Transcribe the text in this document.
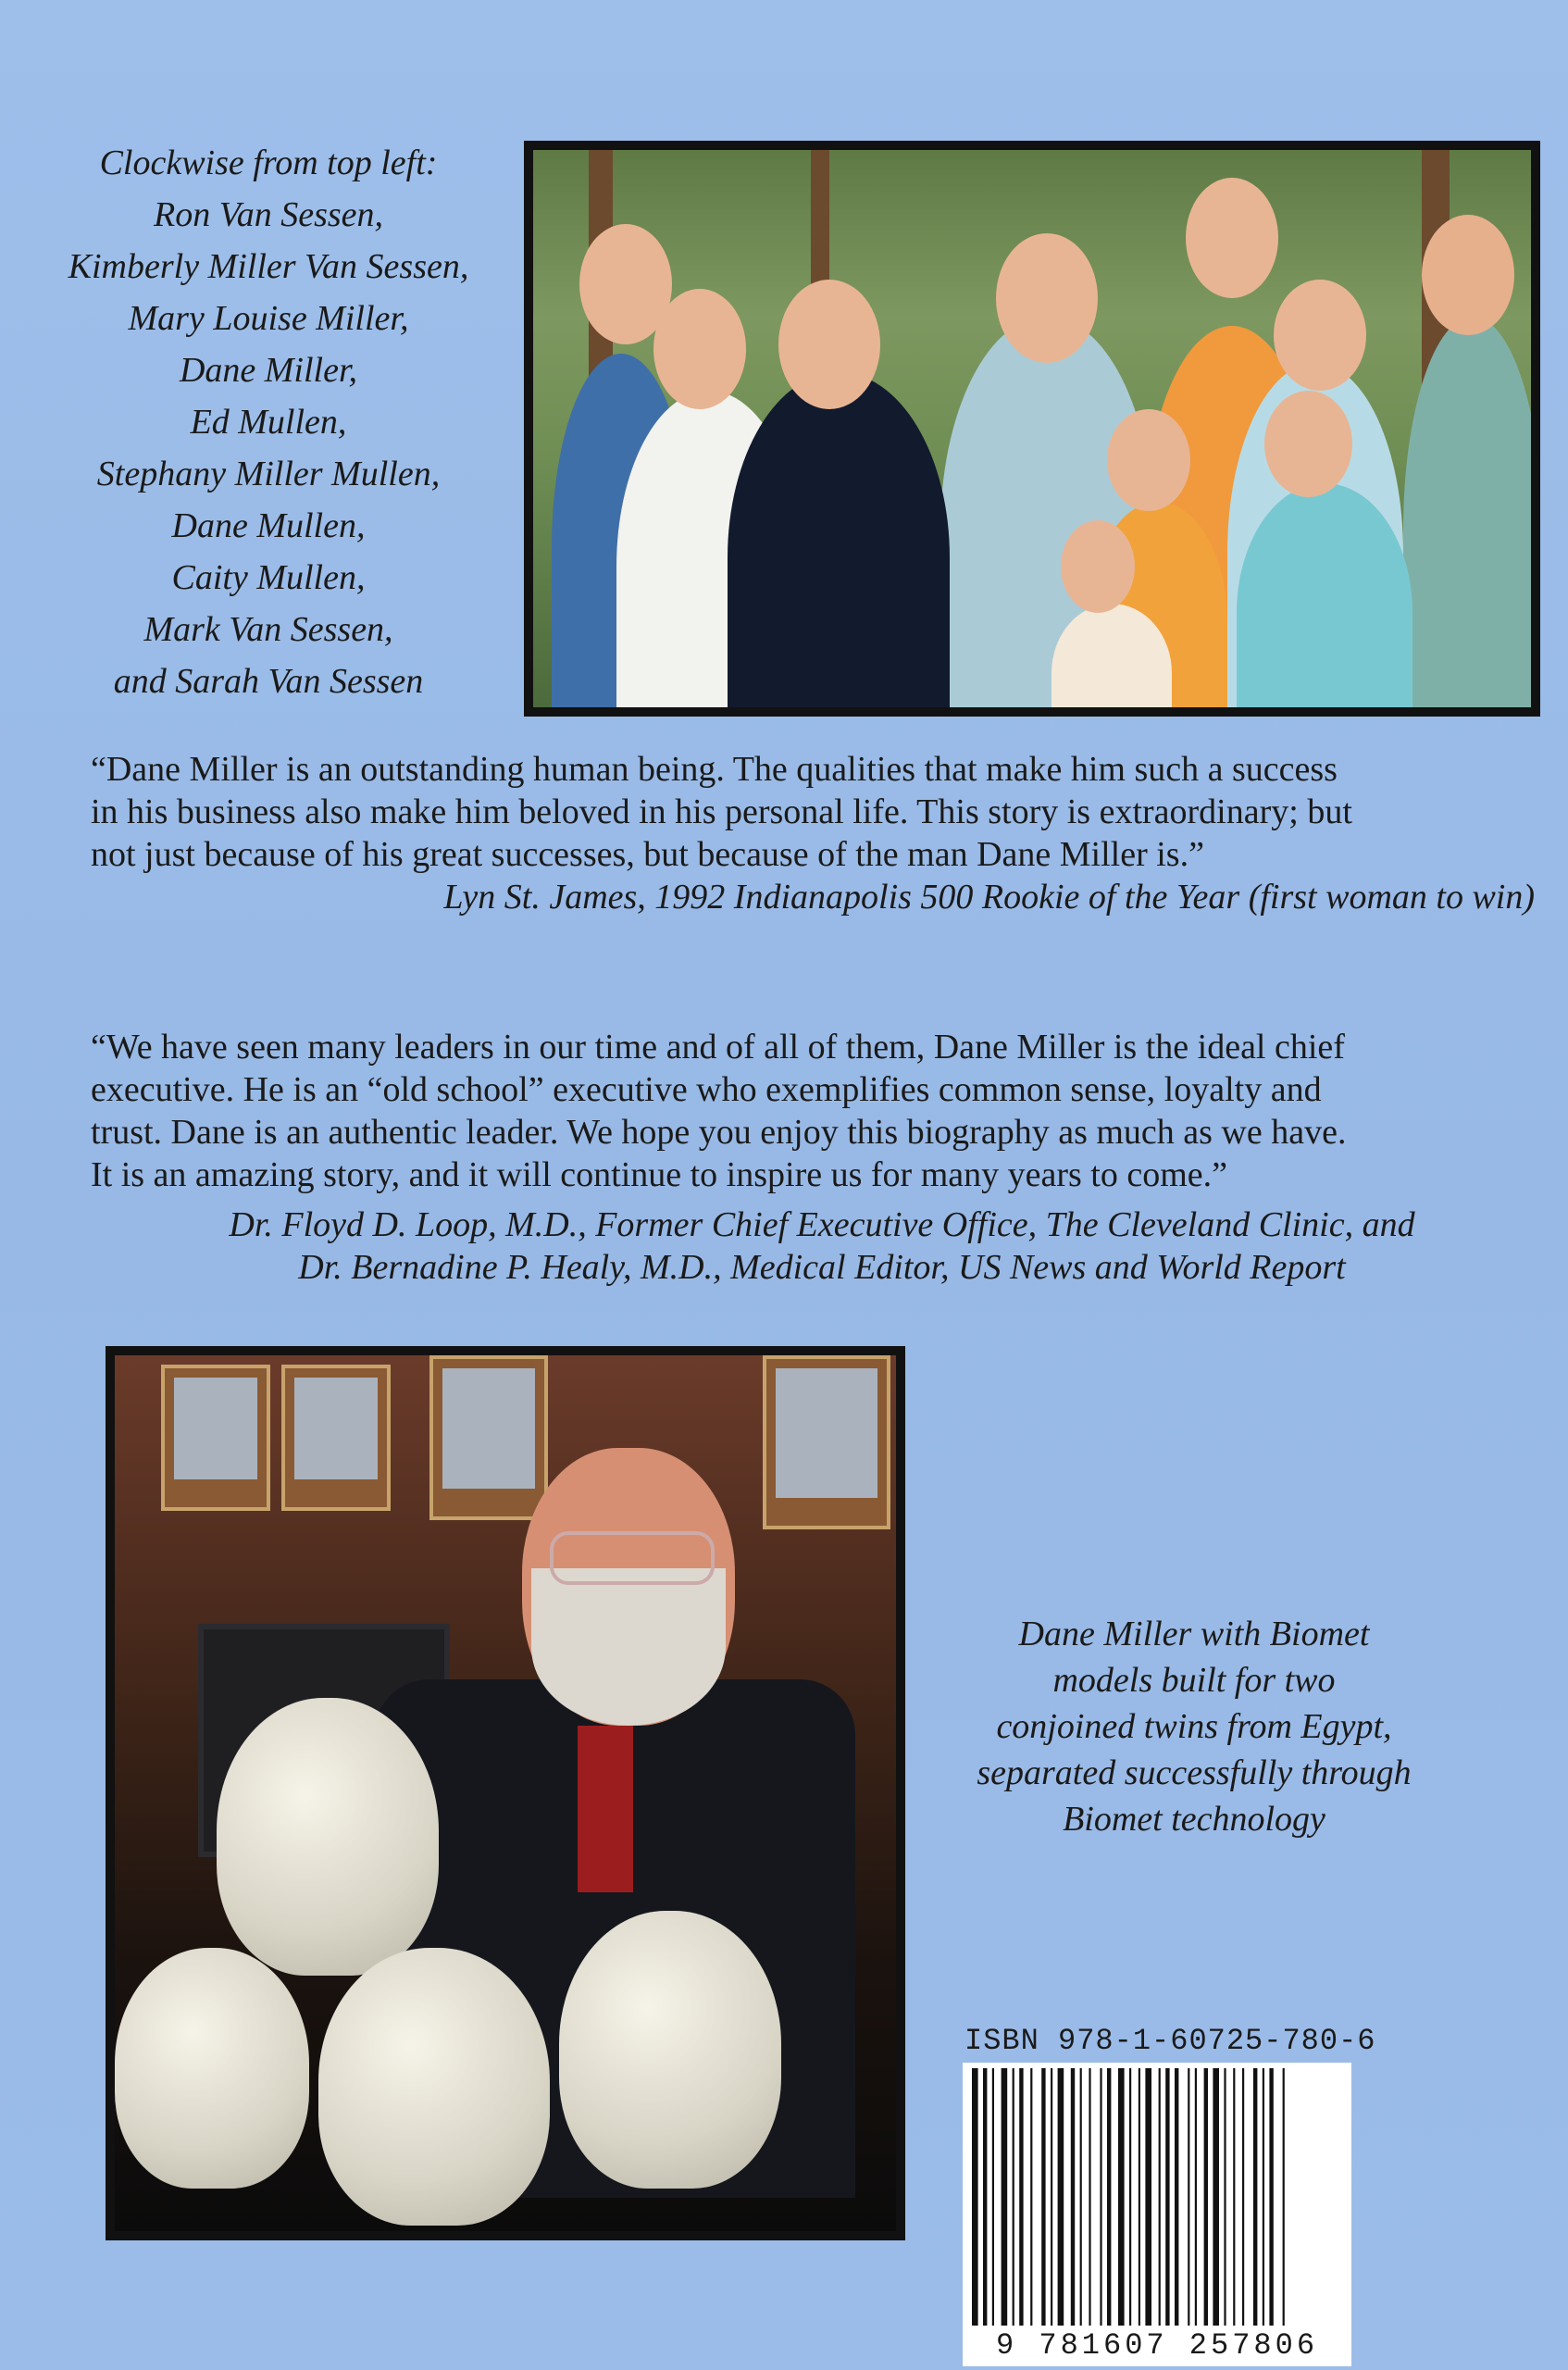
Clockwise from top left:
Ron Van Sessen,
Kimberly Miller Van Sessen,
Mary Louise Miller,
Dane Miller,
Ed Mullen,
Stephany Miller Mullen,
Dane Mullen,
Caity Mullen,
Mark Van Sessen,
and Sarah Van Sessen
“Dane Miller is an outstanding human being. The qualities that make him such a success
in his business also make him beloved in his personal life. This story is extraordinary; but
not just because of his great successes, but because of the man Dane Miller is.”
Lyn St. James, 1992 Indianapolis 500 Rookie of the Year (first woman to win)
“We have seen many leaders in our time and of all of them, Dane Miller is the ideal chief
executive. He is an “old school” executive who exemplifies common sense, loyalty and
trust. Dane is an authentic leader. We hope you enjoy this biography as much as we have.
It is an amazing story, and it will continue to inspire us for many years to come.”
Dr. Floyd D. Loop, M.D., Former Chief Executive Office, The Cleveland Clinic, and
Dr. Bernadine P. Healy, M.D., Medical Editor, US News and World Report
Dane Miller with Biomet
models built for two
conjoined twins from Egypt,
separated successfully through
Biomet technology
ISBN 978-1-60725-780-6
9 781607 257806
